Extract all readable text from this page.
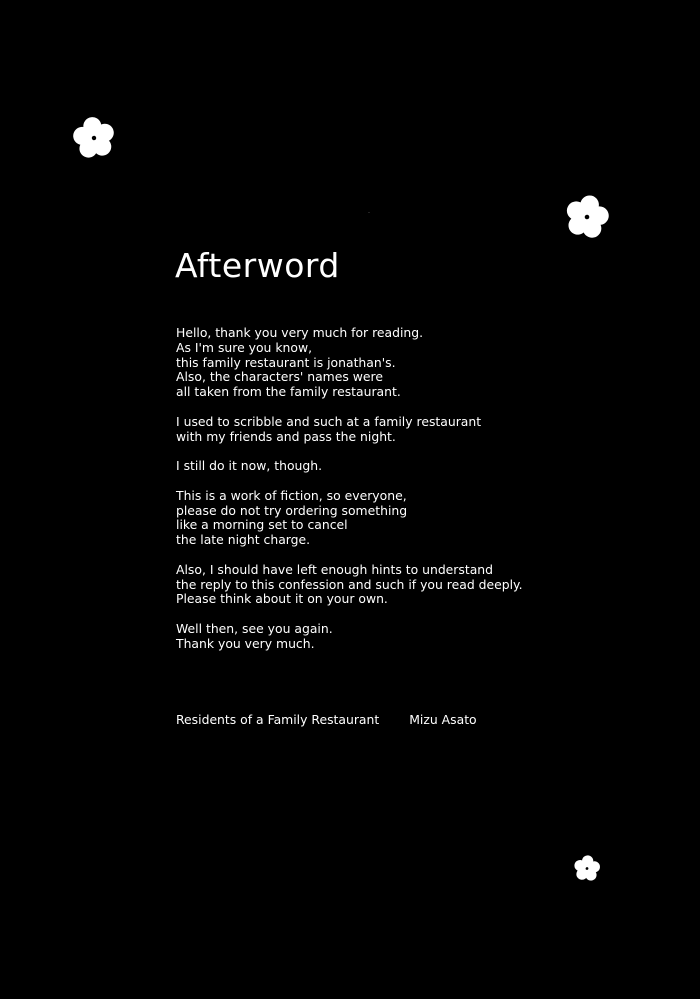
Afterword

Hello, thank you very much for reading.
As I'm sure you know,
this family restaurant is jonathan's.
Also, the characters' names were
all taken from the family restaurant.

I used to scribble and such at a family restaurant
with my friends and pass the night.

I still do it now, though.

This is a work of fiction, so everyone,
please do not try ordering something
like a morning set to cancel
the late night charge.

Also, I should have left enough hints to understand
the reply to this confession and such if you read deeply.
Please think about it on your own.

Well then, see you again.
Thank you very much.

Residents of a Family Restaurant Mizu Asato
